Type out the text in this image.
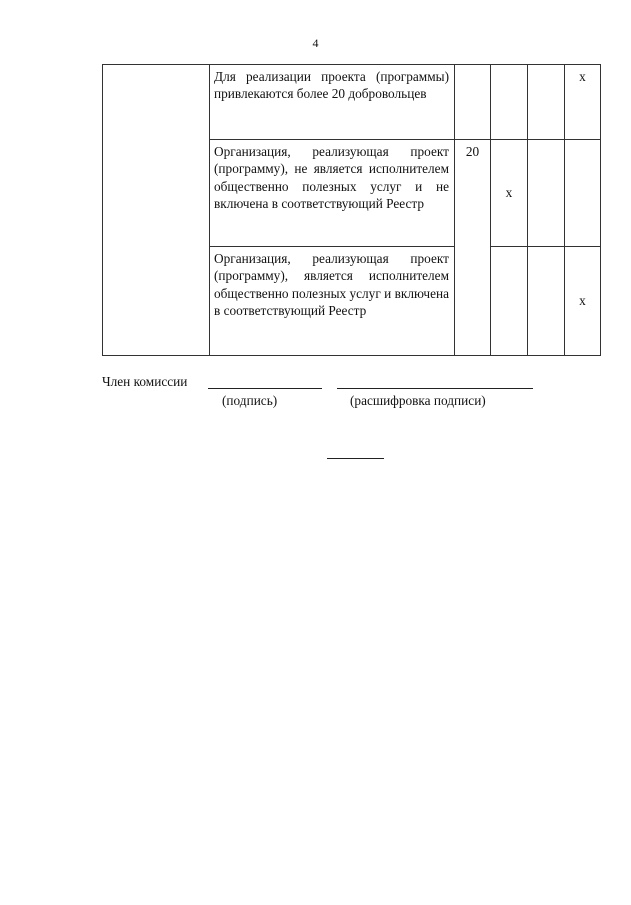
4
	Для реализации проекта (программы) привлекаются более 20 добровольцев				х
	Организация, реализующая проект (программу), не является исполнителем общественно полезных услуг и не включена в соответствующий Реестр	20	х		
	Организация, реализующая проект (программу), является исполнителем общественно полезных услуг и включена в соответствующий Реестр				х
Член комиссии
(подпись)	(расшифровка подписи)
